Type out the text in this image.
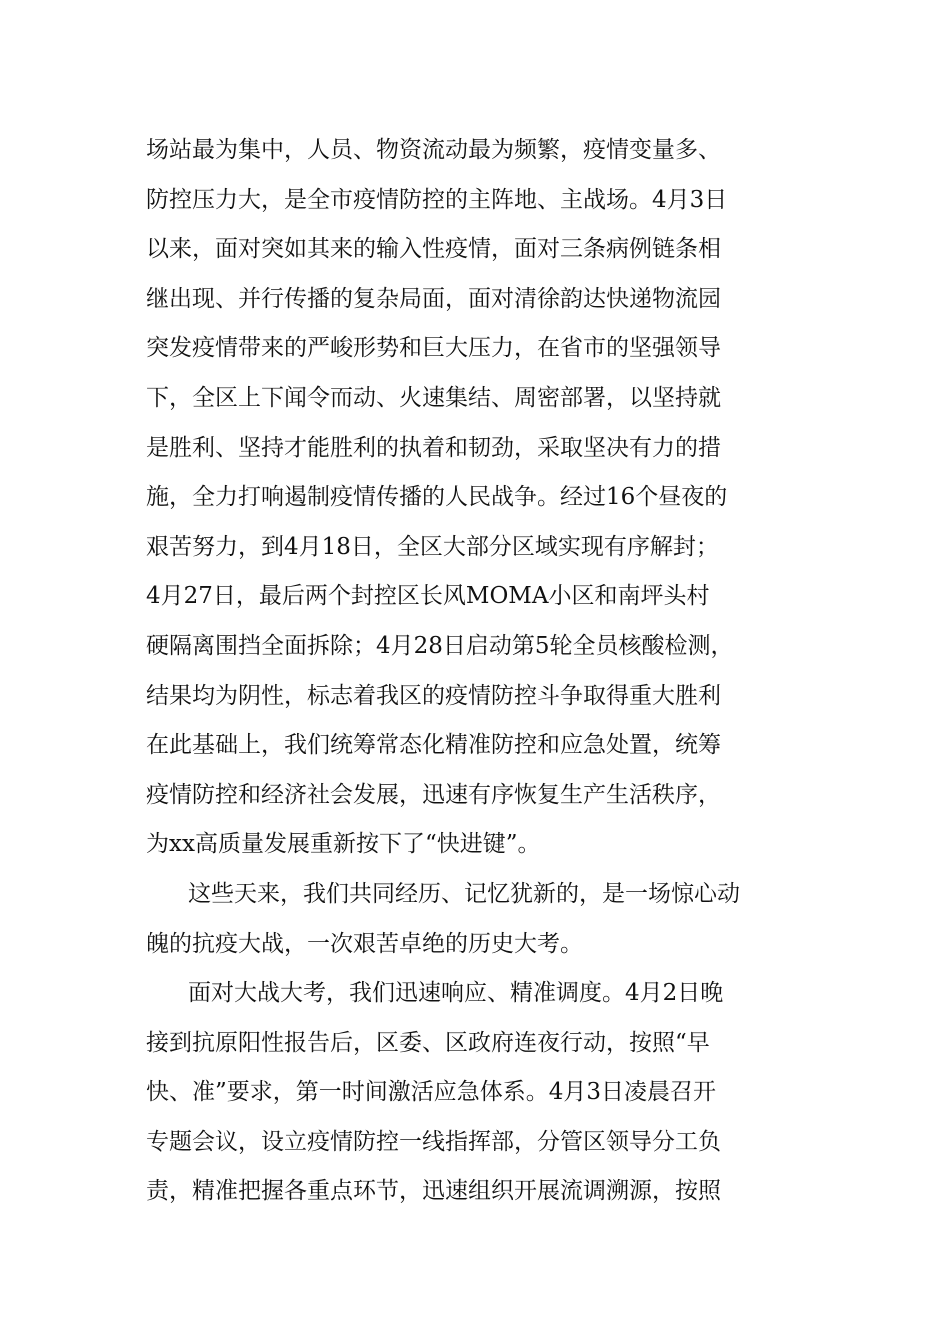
场站最为集中，人员、物资流动最为频繁，疫情变量多、
防控压力大，是全市疫情防控的主阵地、主战场。4月3日
以来，面对突如其来的输入性疫情，面对三条病例链条相
继出现、并行传播的复杂局面，面对清徐韵达快递物流园
突发疫情带来的严峻形势和巨大压力，在省市的坚强领导
下，全区上下闻令而动、火速集结、周密部署，以坚持就
是胜利、坚持才能胜利的执着和韧劲，采取坚决有力的措
施，全力打响遏制疫情传播的人民战争。经过16个昼夜的
艰苦努力，到4月18日，全区大部分区域实现有序解封；
4月27日，最后两个封控区长风MOMA小区和南坪头村
硬隔离围挡全面拆除；4月28日启动第5轮全员核酸检测，
结果均为阴性，标志着我区的疫情防控斗争取得重大胜利
在此基础上，我们统筹常态化精准防控和应急处置，统筹
疫情防控和经济社会发展，迅速有序恢复生产生活秩序，
为xx高质量发展重新按下了“快进键”。
这些天来，我们共同经历、记忆犹新的，是一场惊心动
魄的抗疫大战，一次艰苦卓绝的历史大考。
面对大战大考，我们迅速响应、精准调度。4月2日晚
接到抗原阳性报告后，区委、区政府连夜行动，按照“早
快、准”要求，第一时间激活应急体系。4月3日凌晨召开
专题会议，设立疫情防控一线指挥部，分管区领导分工负
责，精准把握各重点环节，迅速组织开展流调溯源，按照
